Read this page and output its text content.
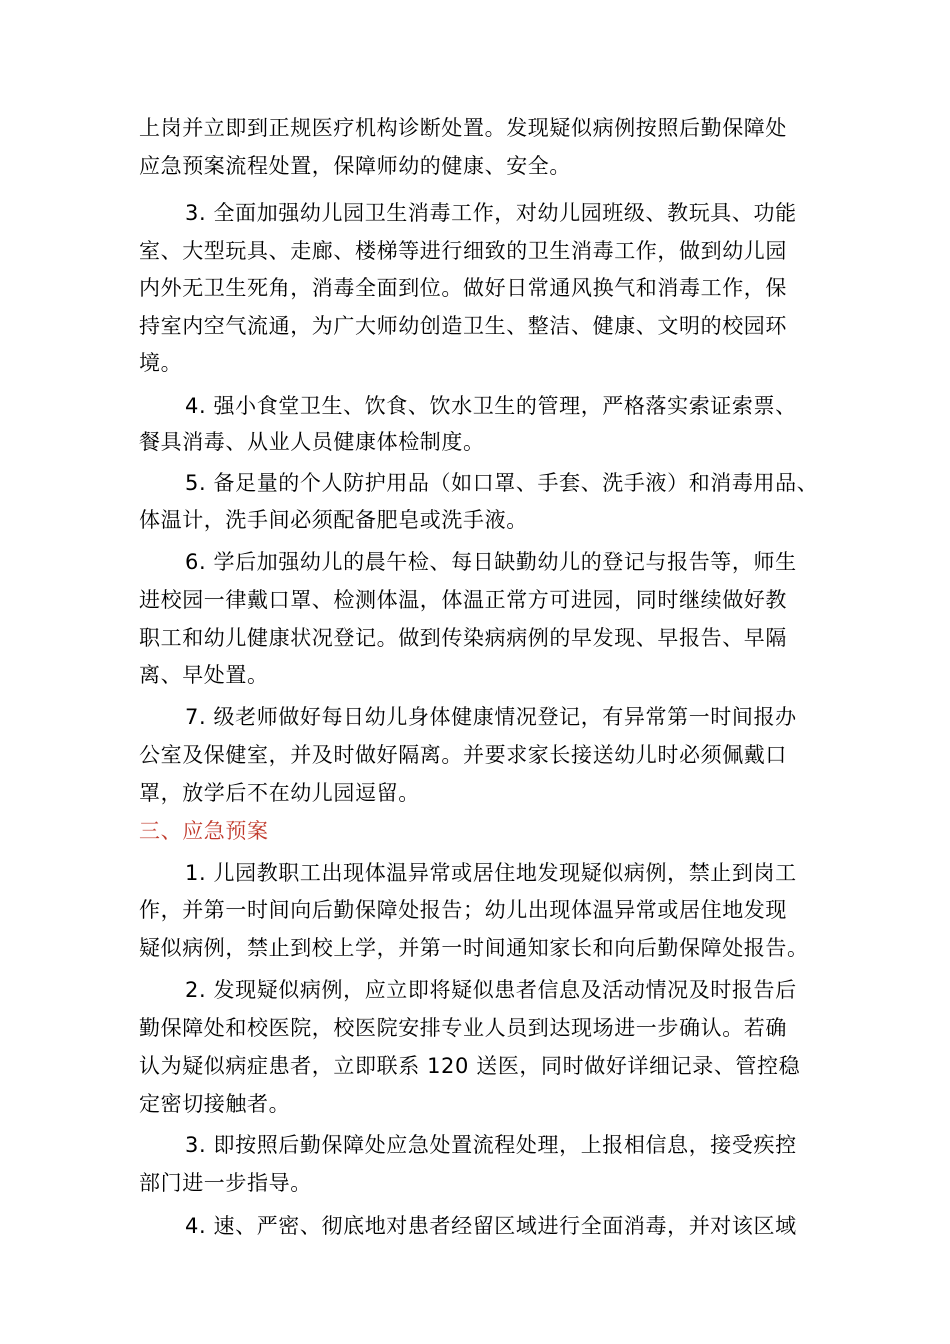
上岗并立即到正规医疗机构诊断处置。发现疑似病例按照后勤保障处
应急预案流程处置，保障师幼的健康、安全。
3. 全面加强幼儿园卫生消毒工作，对幼儿园班级、教玩具、功能
室、大型玩具、走廊、楼梯等进行细致的卫生消毒工作，做到幼儿园
内外无卫生死角，消毒全面到位。做好日常通风换气和消毒工作，保
持室内空气流通，为广大师幼创造卫生、整洁、健康、文明的校园环
境。
4. 强小食堂卫生、饮食、饮水卫生的管理，严格落实索证索票、
餐具消毒、从业人员健康体检制度。
5. 备足量的个人防护用品（如口罩、手套、洗手液）和消毒用品、
体温计，洗手间必须配备肥皂或洗手液。
6. 学后加强幼儿的晨午检、每日缺勤幼儿的登记与报告等，师生
进校园一律戴口罩、检测体温，体温正常方可进园，同时继续做好教
职工和幼儿健康状况登记。做到传染病病例的早发现、早报告、早隔
离、早处置。
7. 级老师做好每日幼儿身体健康情况登记，有异常第一时间报办
公室及保健室，并及时做好隔离。并要求家长接送幼儿时必须佩戴口
罩，放学后不在幼儿园逗留。
三、应急预案
1. 儿园教职工出现体温异常或居住地发现疑似病例，禁止到岗工
作，并第一时间向后勤保障处报告；幼儿出现体温异常或居住地发现
疑似病例，禁止到校上学，并第一时间通知家长和向后勤保障处报告。
2. 发现疑似病例，应立即将疑似患者信息及活动情况及时报告后
勤保障处和校医院，校医院安排专业人员到达现场进一步确认。若确
认为疑似病症患者，立即联系 120 送医，同时做好详细记录、管控稳
定密切接触者。
3. 即按照后勤保障处应急处置流程处理，上报相信息，接受疾控
部门进一步指导。
4. 速、严密、彻底地对患者经留区域进行全面消毒，并对该区域
